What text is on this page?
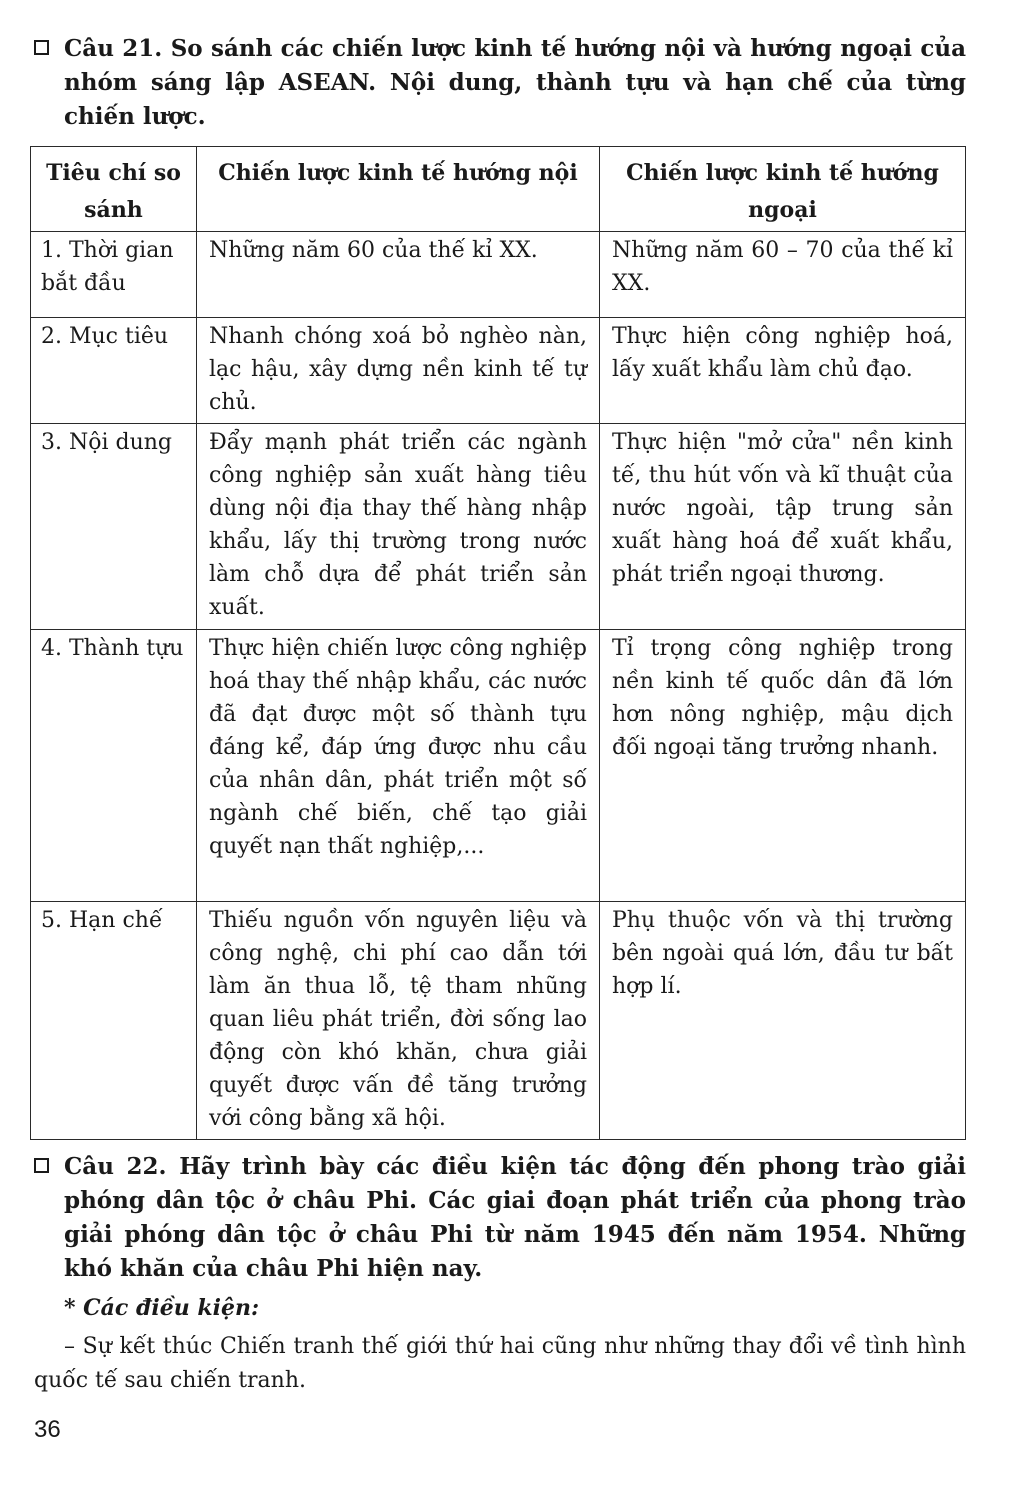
Câu 21. So sánh các chiến lược kinh tế hướng nội và hướng ngoại của nhóm sáng lập ASEAN. Nội dung, thành tựu và hạn chế của từng chiến lược.
Tiêu chí so sánh	Chiến lược kinh tế hướng nội	Chiến lược kinh tế hướng ngoại
1. Thời gian bắt đầu	Những năm 60 của thế kỉ XX.	Những năm 60 – 70 của thế kỉ XX.
2. Mục tiêu	Nhanh chóng xoá bỏ nghèo nàn, lạc hậu, xây dựng nền kinh tế tự chủ.	Thực hiện công nghiệp hoá, lấy xuất khẩu làm chủ đạo.
3. Nội dung	Đẩy mạnh phát triển các ngành công nghiệp sản xuất hàng tiêu dùng nội địa thay thế hàng nhập khẩu, lấy thị trường trong nước làm chỗ dựa để phát triển sản xuất.	Thực hiện "mở cửa" nền kinh tế, thu hút vốn và kĩ thuật của nước ngoài, tập trung sản xuất hàng hoá để xuất khẩu, phát triển ngoại thương.
4. Thành tựu	Thực hiện chiến lược công nghiệp hoá thay thế nhập khẩu, các nước đã đạt được một số thành tựu đáng kể, đáp ứng được nhu cầu của nhân dân, phát triển một số ngành chế biến, chế tạo giải quyết nạn thất nghiệp,...	Tỉ trọng công nghiệp trong nền kinh tế quốc dân đã lớn hơn nông nghiệp, mậu dịch đối ngoại tăng trưởng nhanh.
5. Hạn chế	Thiếu nguồn vốn nguyên liệu và công nghệ, chi phí cao dẫn tới làm ăn thua lỗ, tệ tham nhũng quan liêu phát triển, đời sống lao động còn khó khăn, chưa giải quyết được vấn đề tăng trưởng với công bằng xã hội.	Phụ thuộc vốn và thị trường bên ngoài quá lớn, đầu tư bất hợp lí.
Câu 22. Hãy trình bày các điều kiện tác động đến phong trào giải phóng dân tộc ở châu Phi. Các giai đoạn phát triển của phong trào giải phóng dân tộc ở châu Phi từ năm 1945 đến năm 1954. Những khó khăn của châu Phi hiện nay.
* Các điều kiện:
– Sự kết thúc Chiến tranh thế giới thứ hai cũng như những thay đổi về tình hình quốc tế sau chiến tranh.
36
